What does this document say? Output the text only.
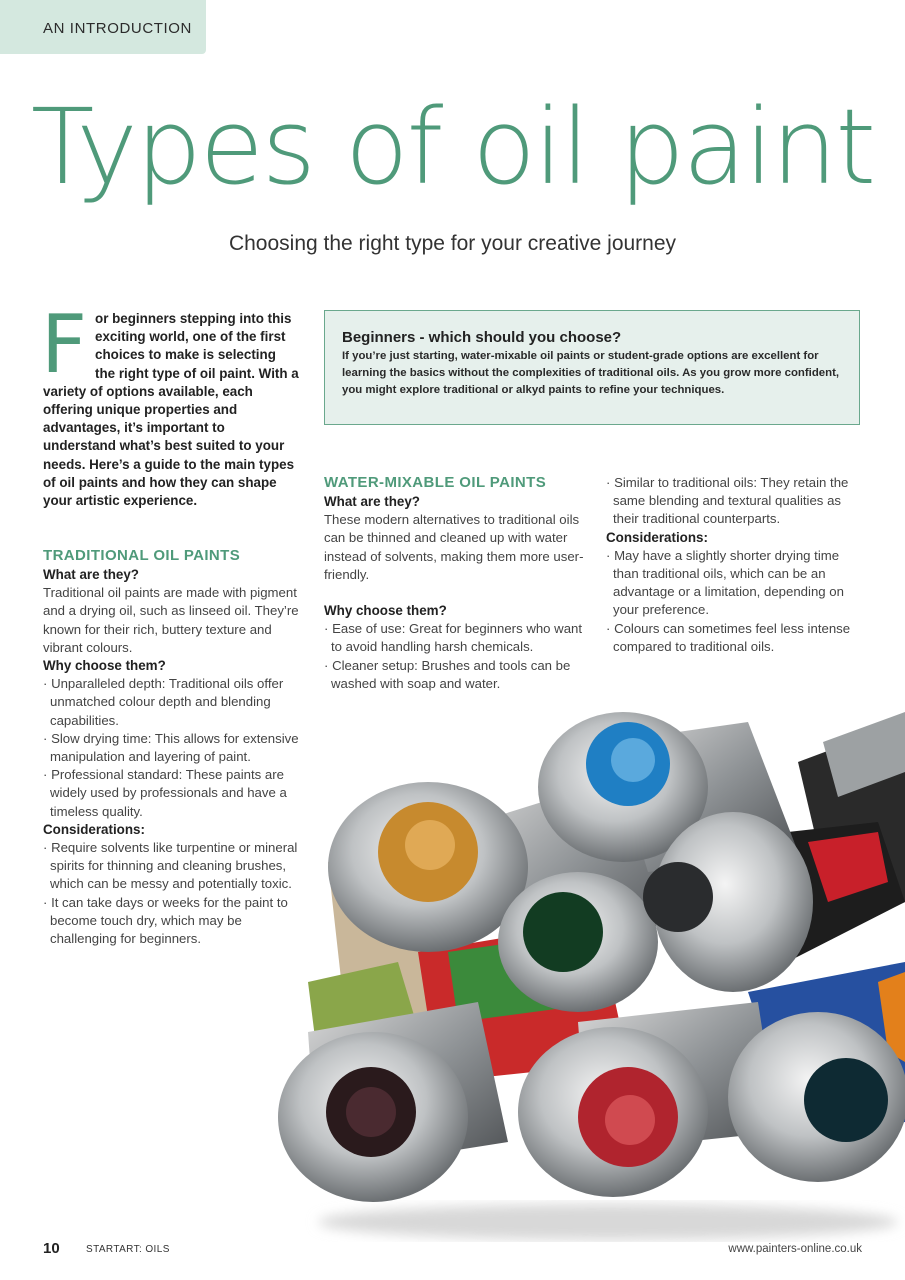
AN INTRODUCTION
Types of oil paint
Choosing the right type for your creative journey
For beginners stepping into this exciting world, one of the first choices to make is selecting the right type of oil paint. With a variety of options available, each offering unique properties and advantages, it’s important to understand what’s best suited to your needs. Here’s a guide to the main types of oil paints and how they can shape your artistic experience.
Beginners - which should you choose?

If you’re just starting, water-mixable oil paints or student-grade options are excellent for learning the basics without the complexities of traditional oils. As you grow more confident, you might explore traditional or alkyd paints to refine your techniques.

TRADITIONAL OIL PAINTS
What are they?

Traditional oil paints are made with pigment and a drying oil, such as linseed oil. They’re known for their rich, buttery texture and vibrant colours.

Why choose them?
· Unparalleled depth: Traditional oils offer unmatched colour depth and blending capabilities.
· Slow drying time: This allows for extensive manipulation and layering of paint.
· Professional standard: These paints are widely used by professionals and have a timeless quality.
Considerations:
· Require solvents like turpentine or mineral spirits for thinning and cleaning brushes, which can be messy and potentially toxic.
· It can take days or weeks for the paint to become touch dry, which may be challenging for beginners.
WATER-MIXABLE OIL PAINTS
What are they?

These modern alternatives to traditional oils can be thinned and cleaned up with water instead of solvents, making them more user-friendly.

Why choose them?
· Ease of use: Great for beginners who want to avoid handling harsh chemicals.
· Cleaner setup: Brushes and tools can be washed with soap and water.
· Similar to traditional oils: They retain the same blending and textural qualities as their traditional counterparts.
Considerations:
· May have a slightly shorter drying time than traditional oils, which can be an advantage or a limitation, depending on your preference.
· Colours can sometimes feel less intense compared to traditional oils.
10	STARTART: OILS	www.painters-online.co.uk
